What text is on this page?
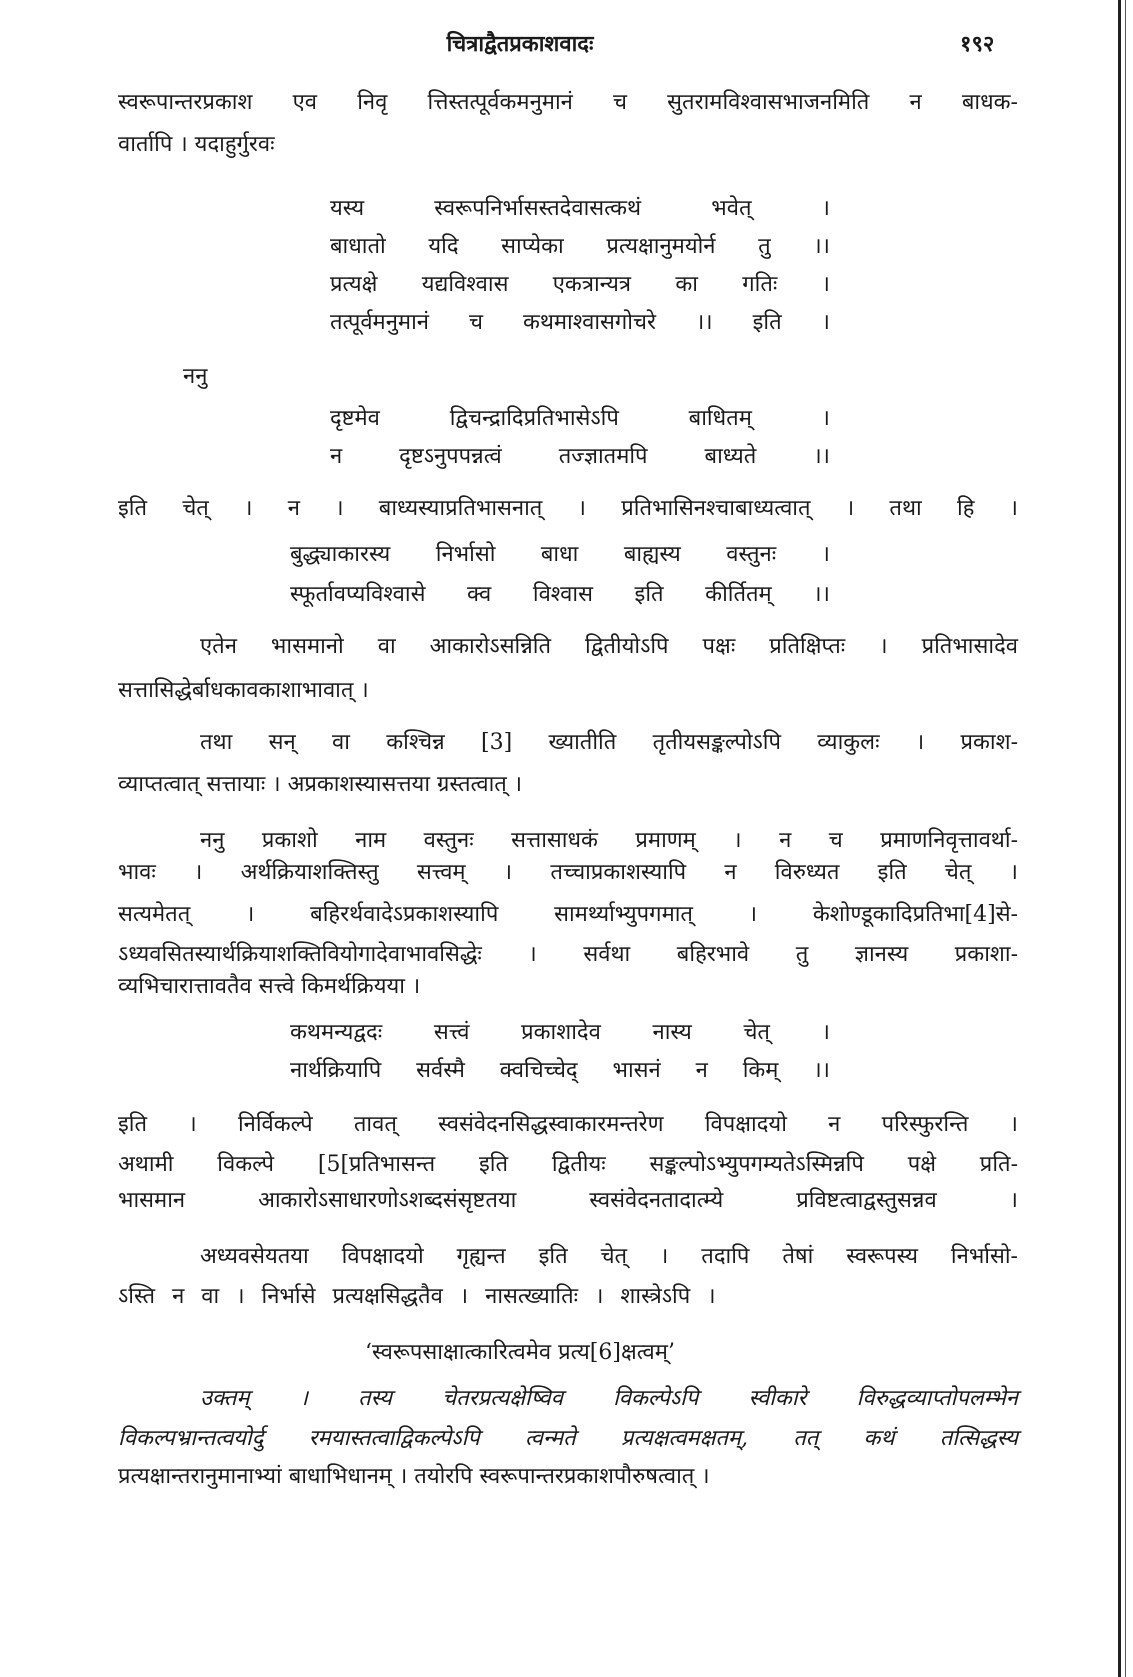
चित्राद्वैतप्रकाशवादः	१९२
स्वरूपान्तरप्रकाश एव निवृ त्तिस्तत्पूर्वकमनुमानं च सुतरामविश्वासभाजनमिति न बाधक-
वार्तापि । यदाहुर्गुरवः
यस्य स्वरूपनिर्भासस्तदेवासत्कथं भवेत् ।
बाधातो यदि साप्येका प्रत्यक्षानुमयोर्न तु ।।
प्रत्यक्षे यद्यविश्वास एकत्रान्यत्र का गतिः ।
तत्पूर्वमनुमानं च कथमाश्वासगोचरे ।। इति ।
ननु
दृष्टमेव द्विचन्द्रादिप्रतिभासेऽपि बाधितम् ।
न दृष्टऽनुपपन्नत्वं तज्ज्ञातमपि बाध्यते ।।
इति चेत् । न । बाध्यस्याप्रतिभासनात् । प्रतिभासिनश्चाबाध्यत्वात् । तथा हि ।
बुद्ध्याकारस्य निर्भासो बाधा बाह्यस्य वस्तुनः ।
स्फूर्तावप्यविश्वासे क्व विश्वास इति कीर्तितम् ।।
एतेन भासमानो वा आकारोऽसन्निति द्वितीयोऽपि पक्षः प्रतिक्षिप्तः । प्रतिभासादेव
सत्तासिद्धेर्बाधकावकाशाभावात् ।
तथा सन् वा कश्चिन्न [3] ख्यातीति तृतीयसङ्कल्पोऽपि व्याकुलः । प्रकाश-
व्याप्तत्वात् सत्तायाः । अप्रकाशस्यासत्तया ग्रस्तत्वात् ।
ननु प्रकाशो नाम वस्तुनः सत्तासाधकं प्रमाणम् । न च प्रमाणनिवृत्तावर्था-
भावः । अर्थक्रियाशक्तिस्तु सत्त्वम् । तच्चाप्रकाशस्यापि न विरुध्यत इति चेत् ।
सत्यमेतत् । बहिरर्थवादेऽप्रकाशस्यापि सामर्थ्याभ्युपगमात् । केशोण्डूकादिप्रतिभा[4]से-
ऽध्यवसितस्यार्थक्रियाशक्तिवियोगादेवाभावसिद्धेः । सर्वथा बहिरभावे तु ज्ञानस्य प्रकाशा-
व्यभिचारात्तावतैव सत्त्वे किमर्थक्रियया ।
कथमन्यद्वदः सत्त्वं प्रकाशादेव नास्य चेत् ।
नार्थक्रियापि सर्वस्मै क्वचिच्चेद् भासनं न किम् ।।
इति । निर्विकल्पे तावत् स्वसंवेदनसिद्धस्वाकारमन्तरेण विपक्षादयो न परिस्फुरन्ति ।
अथामी विकल्पे [5[प्रतिभासन्त इति द्वितीयः सङ्कल्पोऽभ्युपगम्यतेऽस्मिन्नपि पक्षे प्रति-
भासमान आकारोऽसाधारणोऽशब्दसंसृष्टतया स्वसंवेदनतादात्म्ये प्रविष्टत्वाद्वस्तुसन्नव ।
अध्यवसेयतया विपक्षादयो गृह्यन्त इति चेत् । तदापि तेषां स्वरूपस्य निर्भासो-
ऽस्ति न वा । निर्भासे प्रत्यक्षसिद्धतैव । नासत्ख्यातिः । शास्त्रेऽपि ।
‘स्वरूपसाक्षात्कारित्वमेव प्रत्य[6]क्षत्वम्’
उक्तम् । तस्य चेतरप्रत्यक्षेष्विव विकल्पेऽपि स्वीकारे विरुद्धव्याप्तोपलम्भेन
विकल्पभ्रान्तत्वयोर्दु रमयास्तत्वाद्विकल्पेऽपि त्वन्मते प्रत्यक्षत्वमक्षतम्, तत् कथं तत्सिद्धस्य
प्रत्यक्षान्तरानुमानाभ्यां बाधाभिधानम् । तयोरपि स्वरूपान्तरप्रकाशपौरुषत्वात् ।
